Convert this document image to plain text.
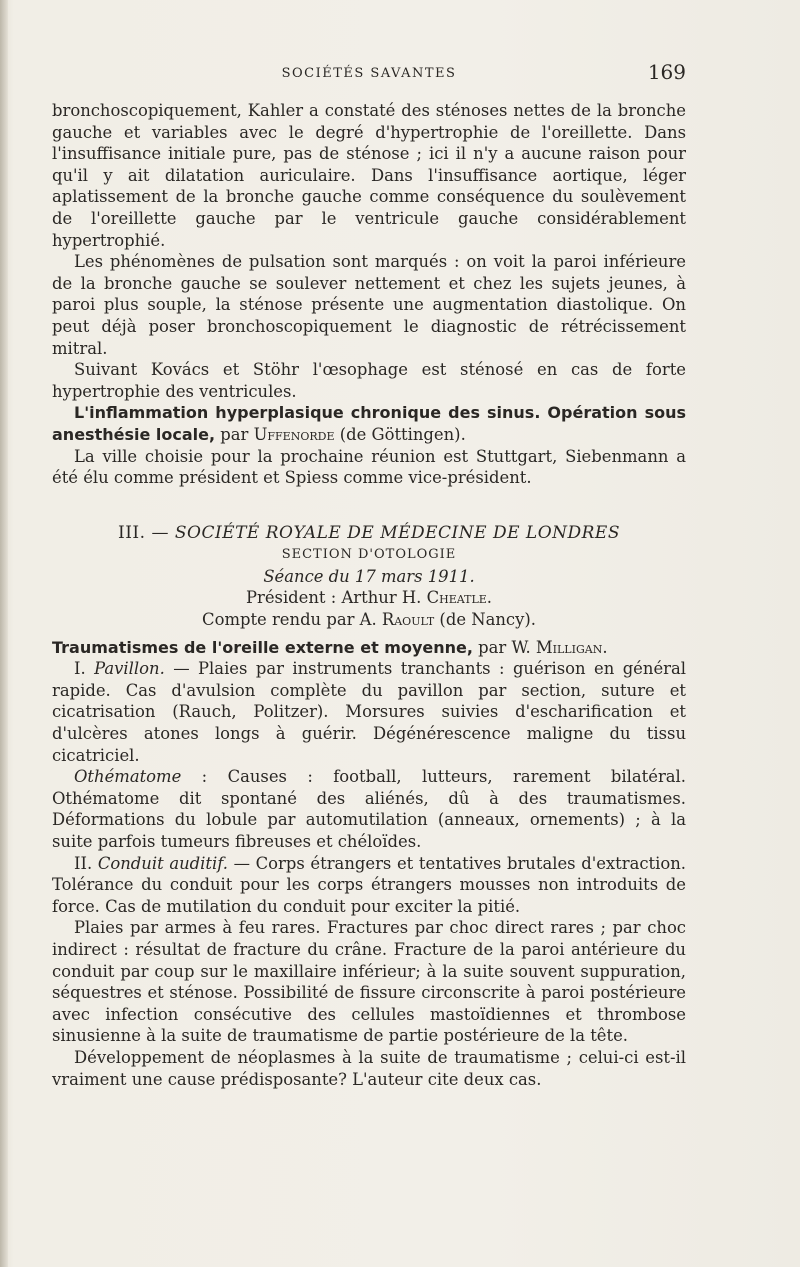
SOCIÉTÉS SAVANTES	169

bronchoscopiquement, Kahler a constaté des sténoses nettes de la bronche gauche et variables avec le degré d'hypertrophie de l'oreillette. Dans l'insuffisance initiale pure, pas de sténose ; ici il n'y a aucune raison pour qu'il y ait dilatation auriculaire. Dans l'insuffisance aortique, léger aplatissement de la bronche gauche comme conséquence du soulèvement de l'oreillette gauche par le ventricule gauche considérablement hypertrophié.

Les phénomènes de pulsation sont marqués : on voit la paroi inférieure de la bronche gauche se soulever nettement et chez les sujets jeunes, à paroi plus souple, la sténose présente une augmentation diastolique. On peut déjà poser bronchoscopiquement le diagnostic de rétrécissement mitral.

Suivant Kovács et Stöhr l'œsophage est sténosé en cas de forte hypertrophie des ventricules.

L'inflammation hyperplasique chronique des sinus. Opération sous anesthésie locale, par Uffenorde (de Göttingen).

La ville choisie pour la prochaine réunion est Stuttgart, Siebenmann a été élu comme président et Spiess comme vice-président.

III. — SOCIÉTÉ ROYALE DE MÉDECINE DE LONDRES

SECTION D'OTOLOGIE

Séance du 17 mars 1911.

Président : Arthur H. Cheatle.

Compte rendu par A. Raoult (de Nancy).

Traumatismes de l'oreille externe et moyenne, par W. Milligan.

I. Pavillon. — Plaies par instruments tranchants : guérison en général rapide. Cas d'avulsion complète du pavillon par section, suture et cicatrisation (Rauch, Politzer). Morsures suivies d'escharification et d'ulcères atones longs à guérir. Dégénérescence maligne du tissu cicatriciel.

Othématome : Causes : football, lutteurs, rarement bilatéral. Othématome dit spontané des aliénés, dû à des traumatismes. Déformations du lobule par automutilation (anneaux, ornements) ; à la suite parfois tumeurs fibreuses et chéloïdes.

II. Conduit auditif. — Corps étrangers et tentatives brutales d'extraction. Tolérance du conduit pour les corps étrangers mousses non introduits de force. Cas de mutilation du conduit pour exciter la pitié.

Plaies par armes à feu rares. Fractures par choc direct rares ; par choc indirect : résultat de fracture du crâne. Fracture de la paroi antérieure du conduit par coup sur le maxillaire inférieur; à la suite souvent suppuration, séquestres et sténose. Possibilité de fissure circonscrite à paroi postérieure avec infection consécutive des cellules mastoïdiennes et thrombose sinusienne à la suite de traumatisme de partie postérieure de la tête.

Développement de néoplasmes à la suite de traumatisme ; celui-ci est-il vraiment une cause prédisposante? L'auteur cite deux cas.
